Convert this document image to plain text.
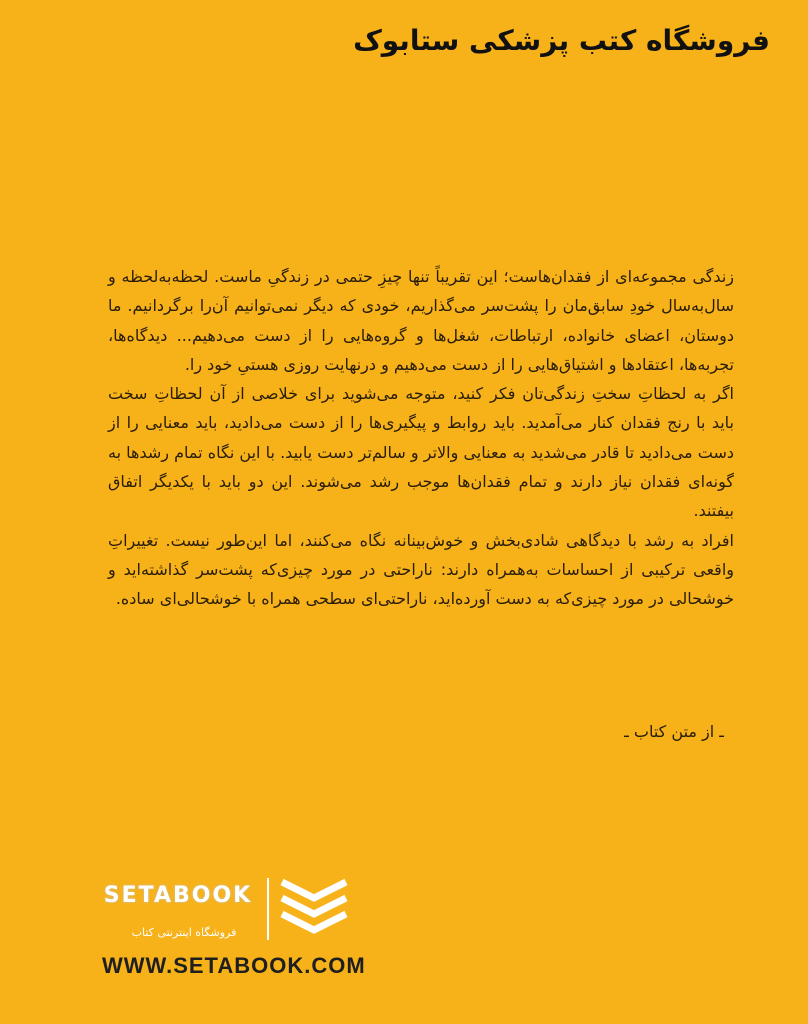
فروشگاه کتب پزشکی ستابوک

زندگی مجموعه‌ای از فقدان‌هاست؛ این تقریباً تنها چیزِ حتمی در زندگیِ ماست. لحظه‌به‌لحظه و سال‌به‌سال خودِ سابق‌مان را پشت‌سر می‌گذاریم، خودی که دیگر نمی‌توانیم آن‌را برگردانیم. ما دوستان، اعضای خانواده، ارتباطات، شغل‌ها و گروه‌هایی را از دست می‌دهیم... دیدگاه‌ها، تجربه‌ها، اعتقادها و اشتیاق‌هایی را از دست می‌دهیم و درنهایت روزی هستیِ خود را.

اگر به لحظاتِ سختِ زندگی‌تان فکر کنید، متوجه می‌شوید برای خلاصی از آن لحظاتِ سخت باید با رنج فقدان کنار می‌آمدید. باید روابط و پیگیری‌ها را از دست می‌دادید، باید معنایی را از دست می‌دادید تا قادر می‌شدید به معنایی والاتر و سالم‌تر دست یابید. با این نگاه تمام رشدها به گونه‌ای فقدان نیاز دارند و تمام فقدان‌ها موجب رشد می‌شوند. این دو باید با یکدیگر اتفاق بیفتند.

افراد به رشد با دیدگاهی شادی‌بخش و خوش‌بینانه نگاه می‌کنند، اما این‌طور نیست. تغییراتِ واقعی ترکیبی از احساسات به‌همراه دارند: ناراحتی در مورد چیزی‌که پشت‌سر گذاشته‌اید و خوشحالی در مورد چیزی‌که به دست آورده‌اید، ناراحتی‌ای سطحی همراه با خوشحالی‌ای ساده.

ـ از متن کتاب ـ
SETABOOK
فروشگاه اینترنتی کتاب
WWW.SETABOOK.COM
